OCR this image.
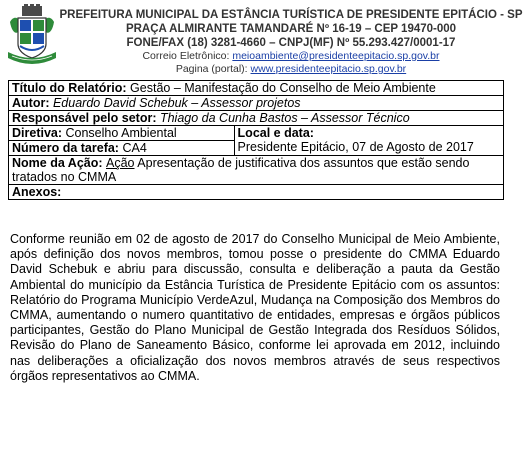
PREFEITURA MUNICIPAL DA ESTÂNCIA TURÍSTICA DE PRESIDENTE EPITÁCIO - SP
PRAÇA ALMIRANTE TAMANDARÉ Nº 16-19 – CEP 19470-000
FONE/FAX (18) 3281-4660 – CNPJ(MF) Nº 55.293.427/0001-17
Correio Eletrônico: meioambiente@presidenteepitacio.sp.gov.br
Pagina (portal): www.presidenteepitacio.sp.gov.br
Título do Relatório: Gestão – Manifestação do Conselho de Meio Ambiente
Autor: Eduardo David Schebuk – Assessor projetos
Responsável pelo setor: Thiago da Cunha Bastos – Assessor Técnico
Diretiva: Conselho Ambiental	Local e data:
Presidente Epitácio, 07 de Agosto de 2017

Número da tarefa: CA4
Nome da Ação: Ação Apresentação de justificativa dos assuntos que estão sendo tratados no CMMA
Anexos:
Conforme reunião em 02 de agosto de 2017 do Conselho Municipal de Meio Ambiente, após definição dos novos membros, tomou posse o presidente do CMMA Eduardo David Schebuk e abriu para discussão, consulta e deliberação a pauta da Gestão Ambiental do município da Estância Turística de Presidente Epitácio com os assuntos: Relatório do Programa Município VerdeAzul, Mudança na Composição dos Membros do CMMA, aumentando o numero quantitativo de entidades, empresas e órgãos públicos participantes, Gestão do Plano Municipal de Gestão Integrada dos Resíduos Sólidos, Revisão do Plano de Saneamento Básico, conforme lei aprovada em 2012, incluindo nas deliberações a oficialização dos novos membros através de seus respectivos órgãos representativos ao CMMA.
